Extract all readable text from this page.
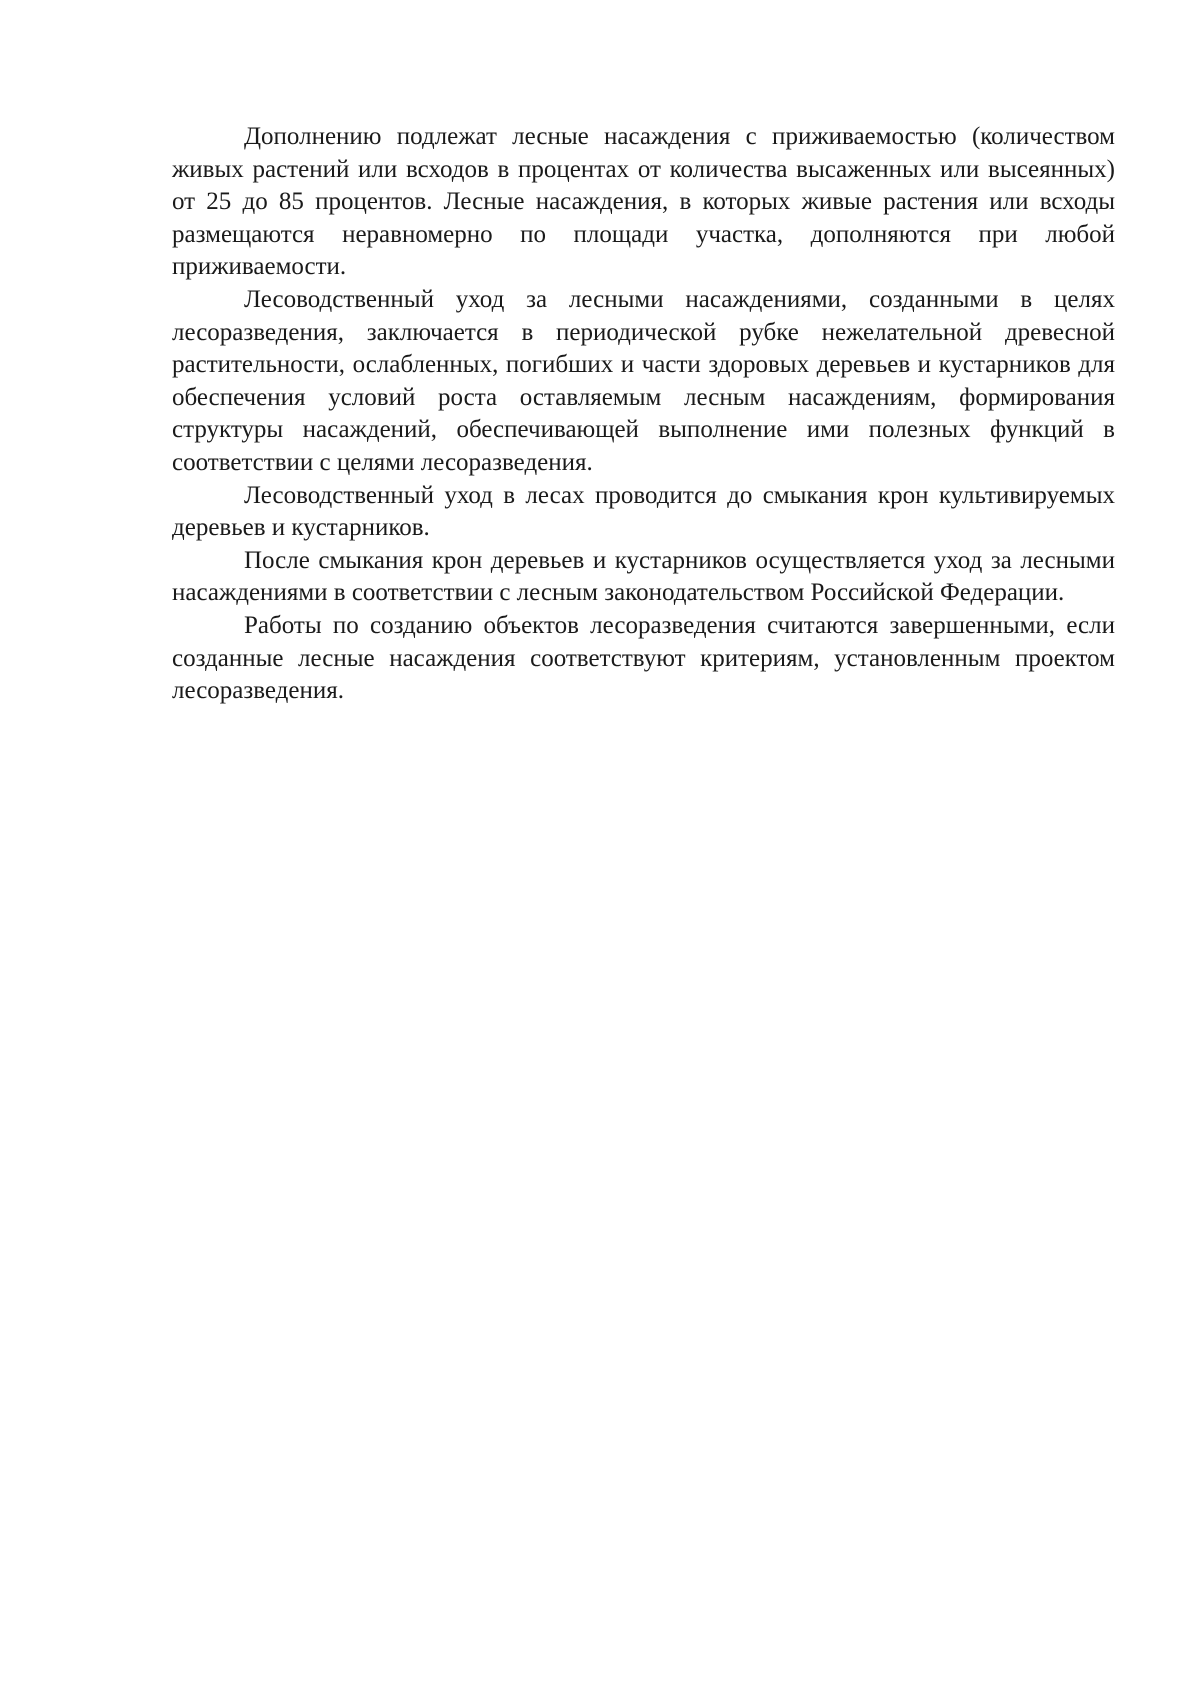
Дополнению подлежат лесные насаждения с приживаемостью (количеством живых растений или всходов в процентах от количества высаженных или высеянных) от 25 до 85 процентов. Лесные насаждения, в которых живые растения или всходы размещаются неравномерно по площади участка, дополняются при любой приживаемости.

Лесоводственный уход за лесными насаждениями, созданными в целях лесоразведения, заключается в периодической рубке нежелательной древесной растительности, ослабленных, погибших и части здоровых деревьев и кустарников для обеспечения условий роста оставляемым лесным насаждениям, формирования структуры насаждений, обеспечивающей выполнение ими полезных функций в соответствии с целями лесоразведения.

Лесоводственный уход в лесах проводится до смыкания крон культивируемых деревьев и кустарников.

После смыкания крон деревьев и кустарников осуществляется уход за лесными насаждениями в соответствии с лесным законодательством Российской Федерации.

Работы по созданию объектов лесоразведения считаются завершенными, если созданные лесные насаждения соответствуют критериям, установленным проектом лесоразведения.
